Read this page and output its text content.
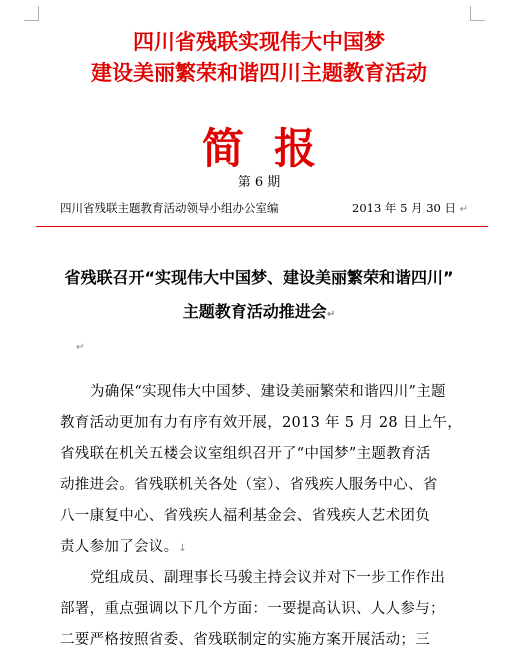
四川省残联实现伟大中国梦
建设美丽繁荣和谐四川主题教育活动
简报
第 6 期
四川省残联主题教育活动领导小组办公室编	2013 年 5 月 30 日 ↵
省残联召开“实现伟大中国梦、建设美丽繁荣和谐四川”
主题教育活动推进会↵
↵
为确保“实现伟大中国梦、建设美丽繁荣和谐四川”主题
教育活动更加有力有序有效开展，2013 年 5 月 28 日上午，
省残联在机关五楼会议室组织召开了“中国梦”主题教育活
动推进会。省残联机关各处（室）、省残疾人服务中心、省
八一康复中心、省残疾人福利基金会、省残疾人艺术团负
责人参加了会议。↓
党组成员、副理事长马骏主持会议并对下一步工作作出
部署，重点强调以下几个方面：一要提高认识、人人参与；
二要严格按照省委、省残联制定的实施方案开展活动；三
